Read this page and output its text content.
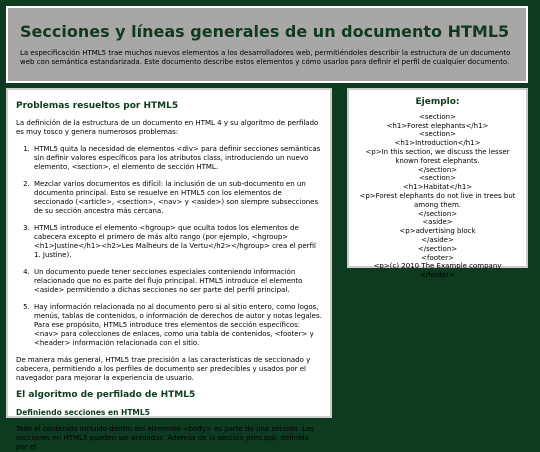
Secciones y líneas generales de un documento HTML5

La especificación HTML5 trae muchos nuevos elementos a los desarrolladores web, permitiéndoles describir la estructura de un documento web con semántica estandarizada. Este documento describe estos elementos y cómo usarlos para definir el perfil de cualquier documento.

Problemas resueltos por HTML5

La definición de la estructura de un documento en HTML 4 y su algoritmo de perfilado es muy tosco y genera numerosos problemas:

1. HTML5 quita la necesidad de elementos <div> para definir secciones semánticas sin definir valores específicos para los atributos class, introduciendo un nuevo elemento, <section>, el elemento de sección HTML.
2. Mezclar varios documentos es difícil: la inclusión de un sub-documento en un documento principal. Esto se resuelve en HTML5 con los elementos de seccionado (<article>, <section>, <nav> y <aside>) son siempre subsecciones de su sección ancestra más cercana.
3. HTML5 introduce el elemento <hgroup> que oculta todos los elementos de cabecera excepto el primero de más alto rango (por ejemplo, <hgroup><h1>Justine</h1><h2>Les Malheurs de la Vertu</h2></hgroup> crea el perfil 1. Justine).
4. Un documento puede tener secciones especiales conteniendo información relacionado que no es parte del flujo principal. HTML5 introduce el elemento <aside> permitiendo a dichas secciones no ser parte del perfil principal.
5. Hay información relacionada no al documento pero si al sitio entero, como logos, menús, tablas de contenidos, o información de derechos de autor y notas legales. Para ese propósito, HTML5 introduce tres elementos de sección específicos: <nav> para colecciones de enlaces, como una tabla de contenidos, <footer> y <header> información relacionada con el sitio.

De manera más general, HTML5 trae precisión a las características de seccionado y cabecera, permitiendo a los perfiles de documento ser predecibles y usados por el navegador para mejorar la experiencia de usuario.

El algoritmo de perfilado de HTML5
Definiendo secciones en HTML5

Todo el contenido incluido dentro del elemento <body> es parte de una sección. Las secciones en HTML5 pueden ser anidadas. Además de la sección principal, definida por el

Ejemplo:
<section>
<h1>Forest elephants</h1>
<section>
<h1>Introduction</h1>
<p>In this section, we discuss the lesser known forest elephants.
</section>
<section>
<h1>Habitat</h1>
<p>Forest elephants do not live in trees but among them.
</section>
<aside>
<p>advertising block
</aside>
</section>
<footer>
<p>(c) 2010 The Example company
</footer>
